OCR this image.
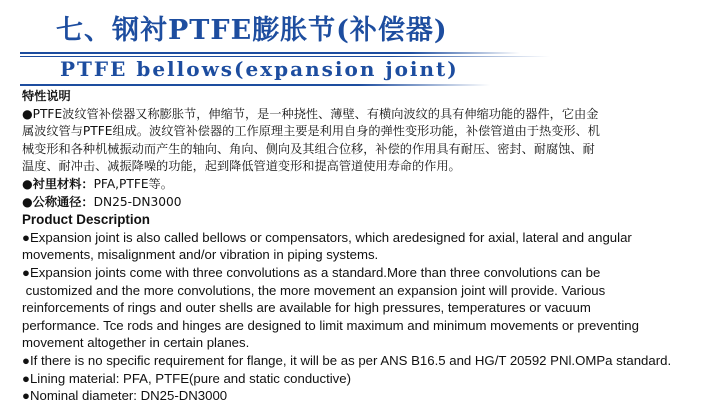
七、钢衬PTFE膨胀节(补偿器)
PTFE bellows(expansion joint)
特性说明
●PTFE波纹管补偿器又称膨胀节，伸缩节，是一种挠性、薄壁、有横向波纹的具有伸缩功能的器件，它由金
属波纹管与PTFE组成。波纹管补偿器的工作原理主要是利用自身的弹性变形功能，补偿管道由于热变形、机
械变形和各种机械振动而产生的轴向、角向、侧向及其组合位移，补偿的作用具有耐压、密封、耐腐蚀、耐
温度、耐冲击、减振降噪的功能，起到降低管道变形和提高管道使用寿命的作用。
●衬里材料：PFA,PTFE等。
●公称通径：DN25-DN3000
Product Description
●Expansion joint is also called bellows or compensators, which aredesigned for axial, lateral and angular
movements, misalignment and/or vibration in piping systems.
●Expansion joints come with three convolutions as a standard.More than three convolutions can be
customized and the more convolutions, the more movement an expansion joint will provide. Various
reinforcements of rings and outer shells are available for high pressures, temperatures or vacuum
performance. Tce rods and hinges are designed to limit maximum and minimum movements or preventing
movement altogether in certain planes.
●If there is no specific requirement for flange, it will be as per ANS B16.5 and HG/T 20592 PNl.OMPa standard.
●Lining material: PFA, PTFE(pure and static conductive)
●Nominal diameter: DN25-DN3000
